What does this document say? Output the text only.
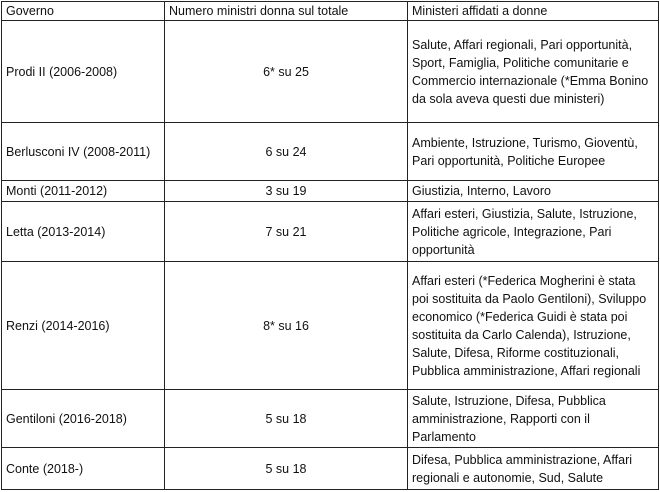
Governo	Numero ministri donna sul totale	Ministeri affidati a donne
Prodi II (2006-2008)	6* su 25	Salute, Affari regionali, Pari opportunità, Sport, Famiglia, Politiche comunitarie e Commercio internazionale (*Emma Bonino da sola aveva questi due ministeri)
Berlusconi IV (2008-2011)	6 su 24	Ambiente, Istruzione, Turismo, Gioventù, Pari opportunità, Politiche Europee
Monti (2011-2012)	3 su 19	Giustizia, Interno, Lavoro
Letta (2013-2014)	7 su 21	Affari esteri, Giustizia, Salute, Istruzione, Politiche agricole, Integrazione, Pari opportunità
Renzi (2014-2016)	8* su 16	Affari esteri (*Federica Mogherini è stata poi sostituita da Paolo Gentiloni), Sviluppo economico (*Federica Guidi è stata poi sostituita da Carlo Calenda), Istruzione, Salute, Difesa, Riforme costituzionali, Pubblica amministrazione, Affari regionali
Gentiloni (2016-2018)	5 su 18	Salute, Istruzione, Difesa, Pubblica amministrazione, Rapporti con il Parlamento
Conte (2018-)	5 su 18	Difesa, Pubblica amministrazione, Affari regionali e autonomie, Sud, Salute
